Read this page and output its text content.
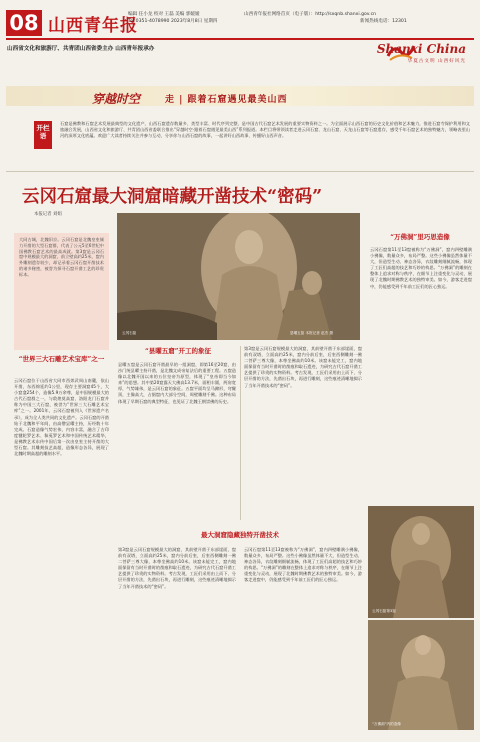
08 山西青年报
编辑 任小龙 校对 王磊 美编 郭媛媛
Tel:0351-4078990 2023年8月8日 星期四
山西青年报社网络首页（电子版）：http://sxqnb.shanxi.gov.cn
新闻热线电话：12301
山西省文化和旅游厅、共青团山西省委主办 山西青年报承办	Shanxi China
华夏古文明 山西好风光
穿越时空	走 | 跟着石窟遇见最美山西
开栏语
石窟是佛教和石窟艺术发展最典型的文化遗产，山西石窟遗存数量多、类型丰富、时代序列完整，是中国古代石窟艺术发展的重要实物资料之一。为全面展示山西石窟的历史文化价值和艺术魅力，推进石窟寺保护利用和文旅融合发展，山西省文化和旅游厅、共青团山西省委联合推出“穿越时空·跟着石窟遇见最美山西”系列报道。本栏目将带领读者走进云冈石窟、龙山石窟、天龙山石窟等石窟遗存，感受千年石窟艺术的独特魅力，领略表里山河的深厚文化底蕴。欢迎广大读者持续关注并参与互动，分享你与山西石窟的故事，一起讲好山西故事、传播好山西声音。
云冈石窟最大洞窟暗藏开凿技术“密码”
本报记者 刘娟
大同古城，北魏旧京。云冈石窟是北魏皇室倾力开凿的大型石窟群，代表了公元5至6世纪中国佛教石窟艺术的最高成就。第3窟是云冈石窟中规模最大的洞窟，前立壁高约25米，窟内外雕刻遗存较少，却记录着云冈石窟开凿技术的诸多秘密，被誉为探寻石窟开凿工艺的珍贵标本。
“世界三大石雕艺术宝库”之一
云冈石窟位于山西省大同市西郊武周山南麓，依山开凿，东西绵延约1公里，现存主要洞窟45个，大小窟龛254个，造像5.9万余尊，是中国规模最大的古代石窟群之一，与敦煌莫高窟、洛阳龙门石窟并称为中国三大石窟，被誉为“世界三大石雕艺术宝库”之一。2001年，云冈石窟被列入《世界遗产名录》，成为全人类共同的文化遗产。云冈石窟的开凿始于北魏和平年间，由高僧昙曜主持，历经数十年完成。石窟造像气势宏伟，内容丰富，融合了古印度犍陀罗艺术、秣菟罗艺术和中国传统艺术精华，是佛教艺术东传中国后第一次由皇室主持开凿的大型石窟。其雕刻技艺高超，造像形态各异，展现了北魏时期高超的雕刻水平。
云冈石窟	昙曜五窟 本报记者 赵杰 摄
“昙曜五窟”开工的象征
昙曜五窟是云冈石窟开凿最早的一组洞窟，即第16至20窟，由沙门统昙曜主持开凿，是北魏文成帝复法后的重要工程。五窟造像以北魏开国以来的五位皇帝为原型，体现了“皇帝即当今如来”的思想。其中第20窟露天大佛高13.7米，面相丰圆，两肩宽厚，气势雄伟，是云冈石窟的象征。五窟平面均呈马蹄形，穹窿顶，主像高大，占据窟内大部分空间，周壁雕刻千佛。这种布局体现了早期石窟的典型特征，也见证了北魏王朝崇佛的历史。
第3窟是云冈石窟规模最大的洞窟，其前壁开凿于东部崖面，窟前有双塔，立面高约25米，窟内分前后室，后室西侧雕刻一佛二菩萨三尊大像，本尊坐佛高约10米。该窟未能完工，窟内地面保留有当时开凿时的凿痕和取石遗迹，为研究古代石窟开凿工艺提供了珍贵的实物资料。考古发现，工匠们采用由上而下、分层开凿的方法，先凿出石块，再进行雕刻，这些痕迹清晰地揭示了当年开凿技术的“密码”。
最大洞窟隐藏独特开凿技术
第3窟是云冈石窟规模最大的洞窟，其前壁开凿于东部崖面，窟前有双塔，立面高约25米，窟内分前后室，后室西侧雕刻一佛二菩萨三尊大像，本尊坐佛高约10米。该窟未能完工，窟内地面保留有当时开凿时的凿痕和取石遗迹，为研究古代石窟开凿工艺提供了珍贵的实物资料。考古发现，工匠们采用由上而下、分层开凿的方法，先凿出石块，再进行雕刻，这些痕迹清晰地揭示了当年开凿技术的“密码”。
云冈石窟第11至13窟被称为“万佛洞”，窟内四壁雕满小佛像，数量众多，布局严整。这些小佛像虽然体量不大，但造型生动、神态各异，衣纹雕刻细腻流畅，体现了工匠们高超的技艺和巧妙的构思。“万佛洞”的雕刻在整体上追求对称与秩序，在细节上注重变化与灵动，展现了北魏时期佛教艺术的独特审美。如今，游客走进窟中，仍能感受到千年前工匠们的匠心独运。
“万佛洞”里巧思造像
云冈石窟第11至13窟被称为“万佛洞”，窟内四壁雕满小佛像，数量众多，布局严整。这些小佛像虽然体量不大，但造型生动、神态各异，衣纹雕刻细腻流畅，体现了工匠们高超的技艺和巧妙的构思。“万佛洞”的雕刻在整体上追求对称与秩序，在细节上注重变化与灵动，展现了北魏时期佛教艺术的独特审美。如今，游客走进窟中，仍能感受到千年前工匠们的匠心独运。
云冈石窟第3窟
“万佛洞”内的造像
